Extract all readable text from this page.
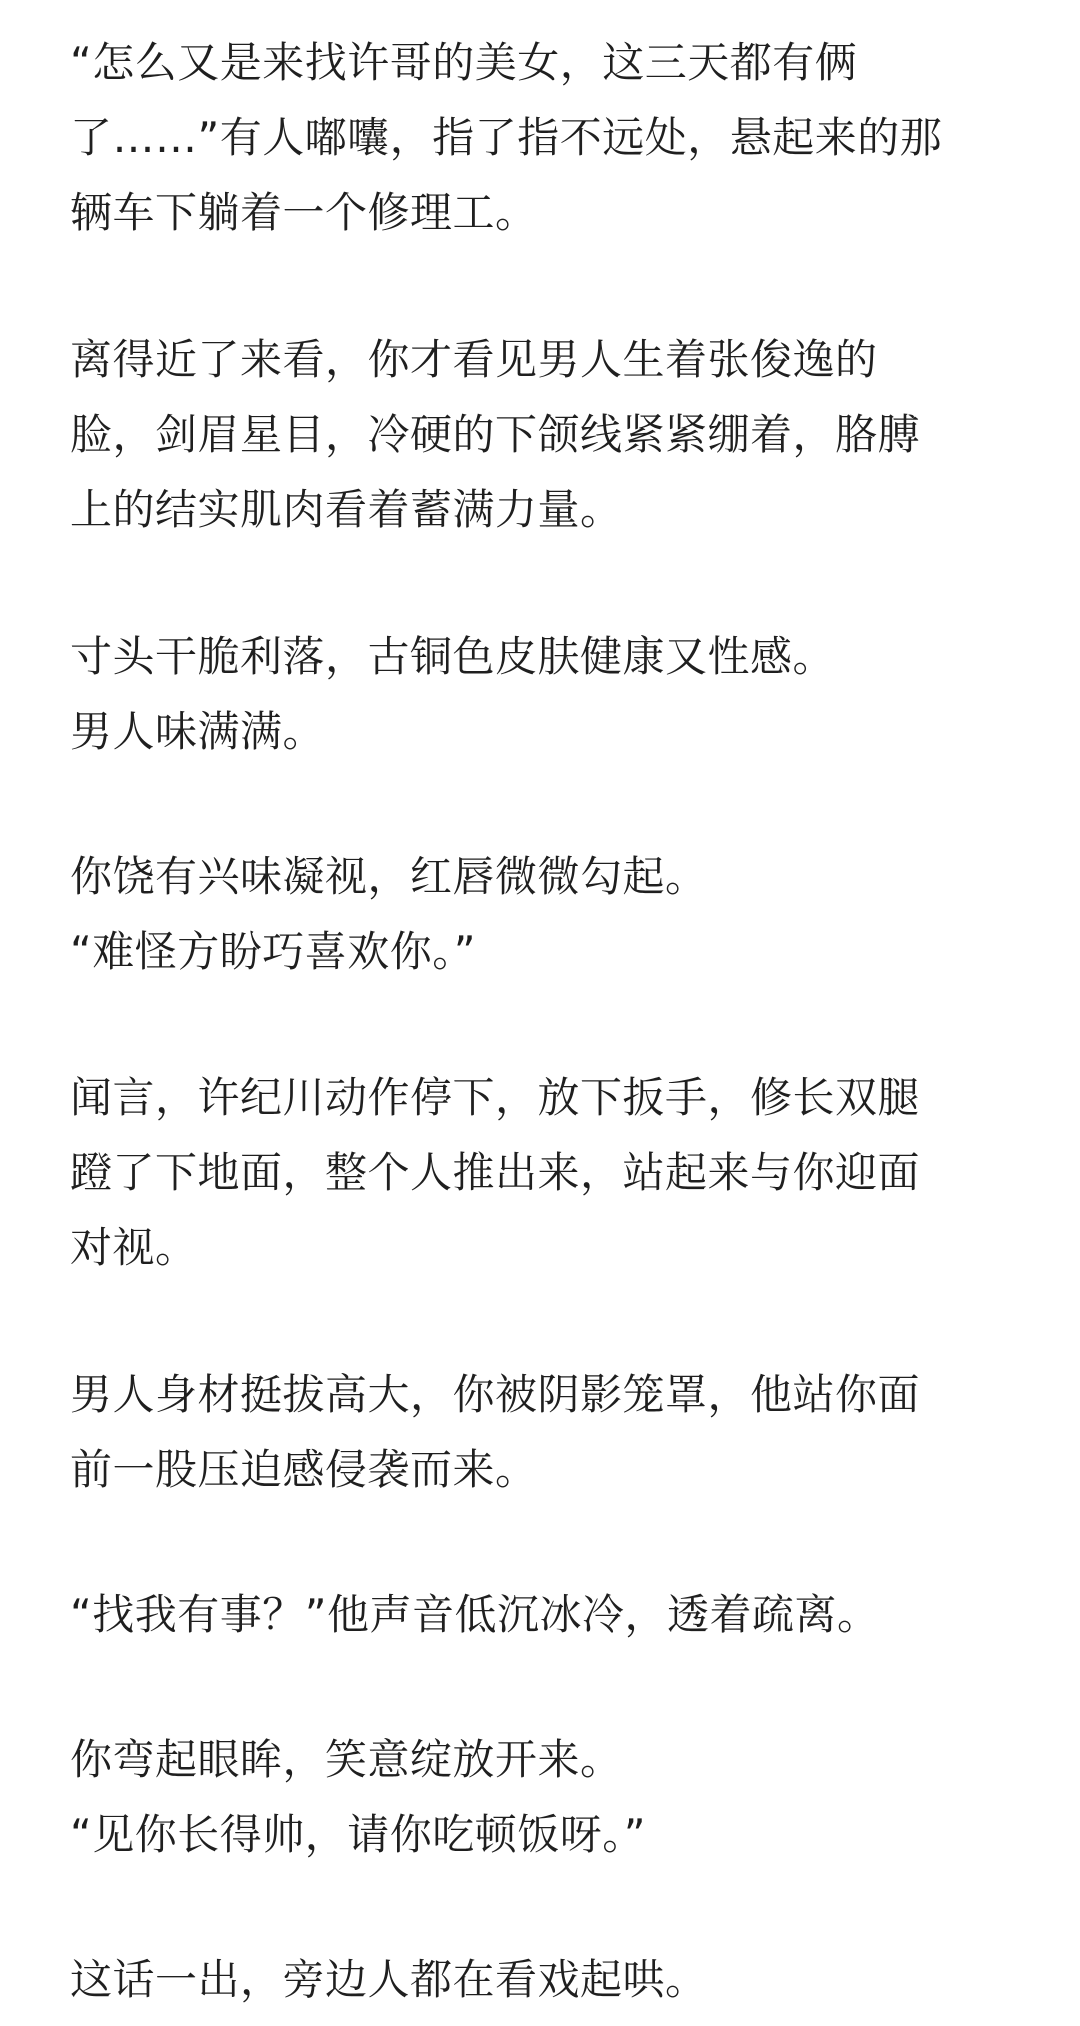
“怎么又是来找许哥的美女，这三天都有俩
了……”有人嘟囔，指了指不远处，悬起来的那
辆车下躺着一个修理工。
离得近了来看，你才看见男人生着张俊逸的
脸，剑眉星目，冷硬的下颌线紧紧绷着，胳膊
上的结实肌肉看着蓄满力量。
寸头干脆利落，古铜色皮肤健康又性感。
男人味满满。
你饶有兴味凝视，红唇微微勾起。
“难怪方盼巧喜欢你。”
闻言，许纪川动作停下，放下扳手，修长双腿
蹬了下地面，整个人推出来，站起来与你迎面
对视。
男人身材挺拔高大，你被阴影笼罩，他站你面
前一股压迫感侵袭而来。
“找我有事？”他声音低沉冰冷，透着疏离。
你弯起眼眸，笑意绽放开来。
“见你长得帅，请你吃顿饭呀。”
这话一出，旁边人都在看戏起哄。
